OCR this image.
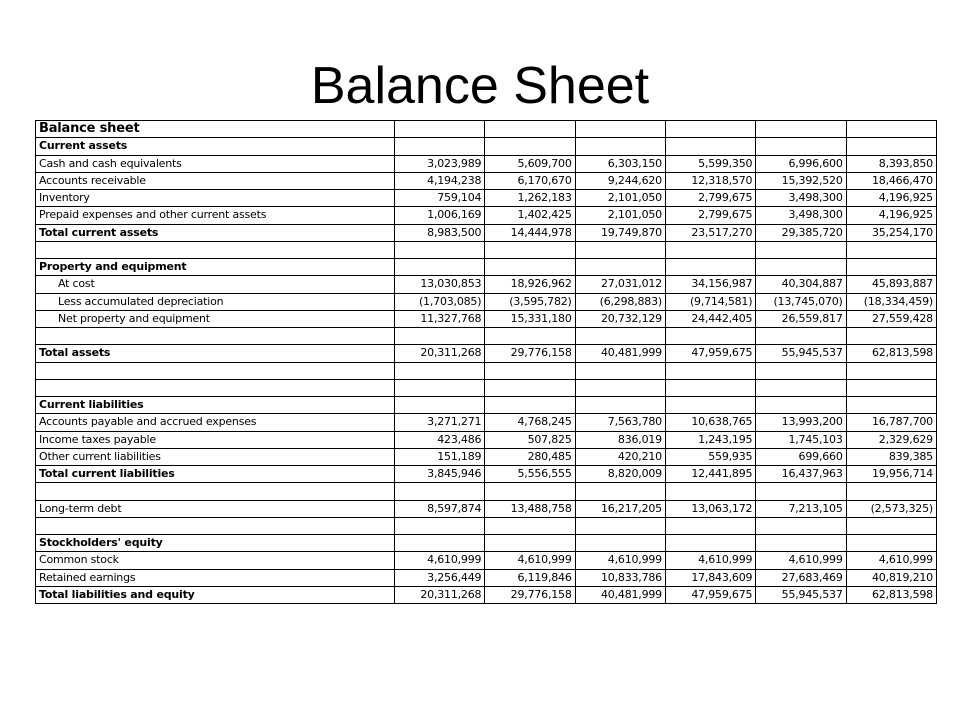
Balance Sheet
Balance sheet						
Current assets						
Cash and cash equivalents	3,023,989	5,609,700	6,303,150	5,599,350	6,996,600	8,393,850
Accounts receivable	4,194,238	6,170,670	9,244,620	12,318,570	15,392,520	18,466,470
Inventory	759,104	1,262,183	2,101,050	2,799,675	3,498,300	4,196,925
Prepaid expenses and other current assets	1,006,169	1,402,425	2,101,050	2,799,675	3,498,300	4,196,925
Total current assets	8,983,500	14,444,978	19,749,870	23,517,270	29,385,720	35,254,170

Property and equipment						
At cost	13,030,853	18,926,962	27,031,012	34,156,987	40,304,887	45,893,887
Less accumulated depreciation	(1,703,085)	(3,595,782)	(6,298,883)	(9,714,581)	(13,745,070)	(18,334,459)
Net property and equipment	11,327,768	15,331,180	20,732,129	24,442,405	26,559,817	27,559,428

Total assets	20,311,268	29,776,158	40,481,999	47,959,675	55,945,537	62,813,598

Current liabilities						
Accounts payable and accrued expenses	3,271,271	4,768,245	7,563,780	10,638,765	13,993,200	16,787,700
Income taxes payable	423,486	507,825	836,019	1,243,195	1,745,103	2,329,629
Other current liabilities	151,189	280,485	420,210	559,935	699,660	839,385
Total current liabilities	3,845,946	5,556,555	8,820,009	12,441,895	16,437,963	19,956,714

Long-term debt	8,597,874	13,488,758	16,217,205	13,063,172	7,213,105	(2,573,325)

Stockholders' equity						
Common stock	4,610,999	4,610,999	4,610,999	4,610,999	4,610,999	4,610,999
Retained earnings	3,256,449	6,119,846	10,833,786	17,843,609	27,683,469	40,819,210
Total liabilities and equity	20,311,268	29,776,158	40,481,999	47,959,675	55,945,537	62,813,598
